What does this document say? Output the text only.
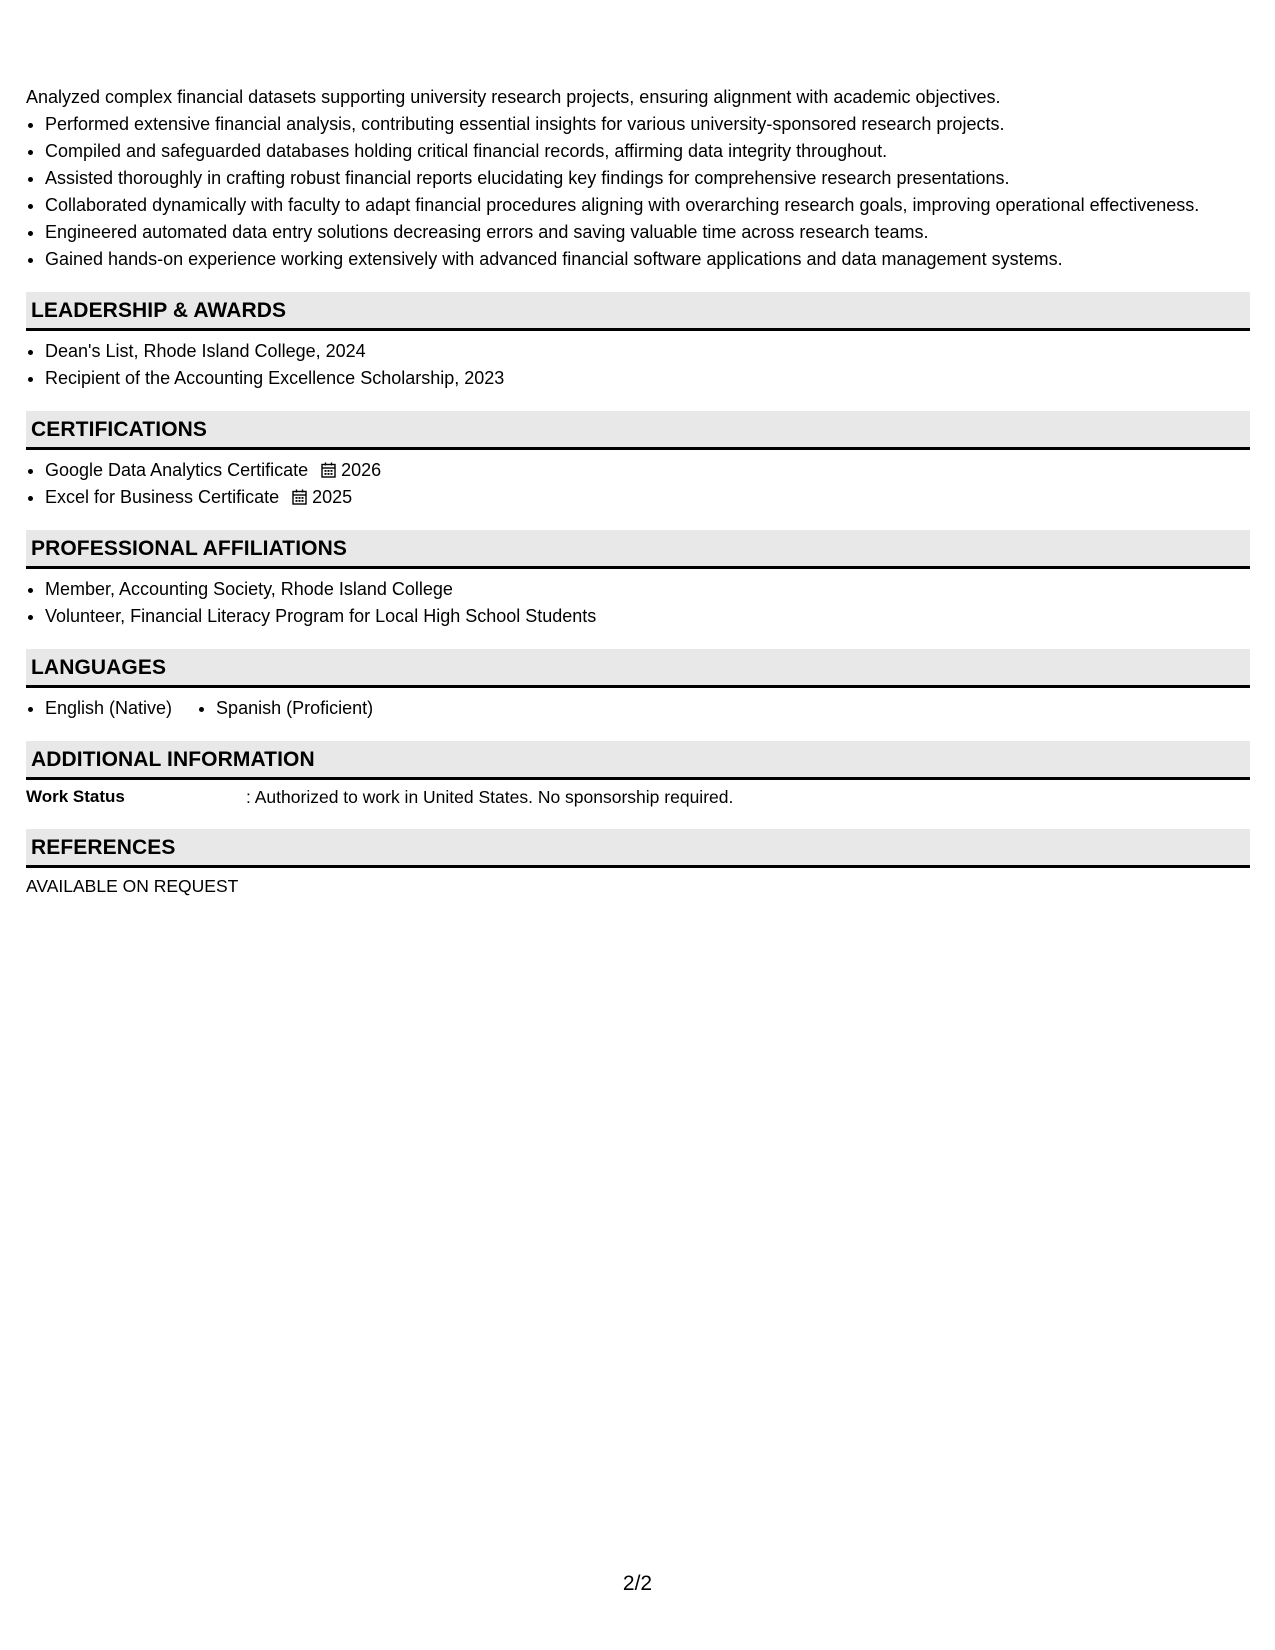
Analyzed complex financial datasets supporting university research projects, ensuring alignment with academic objectives.

• Performed extensive financial analysis, contributing essential insights for various university-sponsored research projects.
• Compiled and safeguarded databases holding critical financial records, affirming data integrity throughout.
• Assisted thoroughly in crafting robust financial reports elucidating key findings for comprehensive research presentations.
• Collaborated dynamically with faculty to adapt financial procedures aligning with overarching research goals, improving operational effectiveness.
• Engineered automated data entry solutions decreasing errors and saving valuable time across research teams.
• Gained hands-on experience working extensively with advanced financial software applications and data management systems.
LEADERSHIP & AWARDS
• Dean's List, Rhode Island College, 2024
• Recipient of the Accounting Excellence Scholarship, 2023
CERTIFICATIONS
• Google Data Analytics Certificate 2026
• Excel for Business Certificate 2025
PROFESSIONAL AFFILIATIONS
• Member, Accounting Society, Rhode Island College
• Volunteer, Financial Literacy Program for Local High School Students
LANGUAGES
• English (Native)
• Spanish (Proficient)
ADDITIONAL INFORMATION
Work Status	: Authorized to work in United States. No sponsorship required.
REFERENCES
AVAILABLE ON REQUEST
2/2
